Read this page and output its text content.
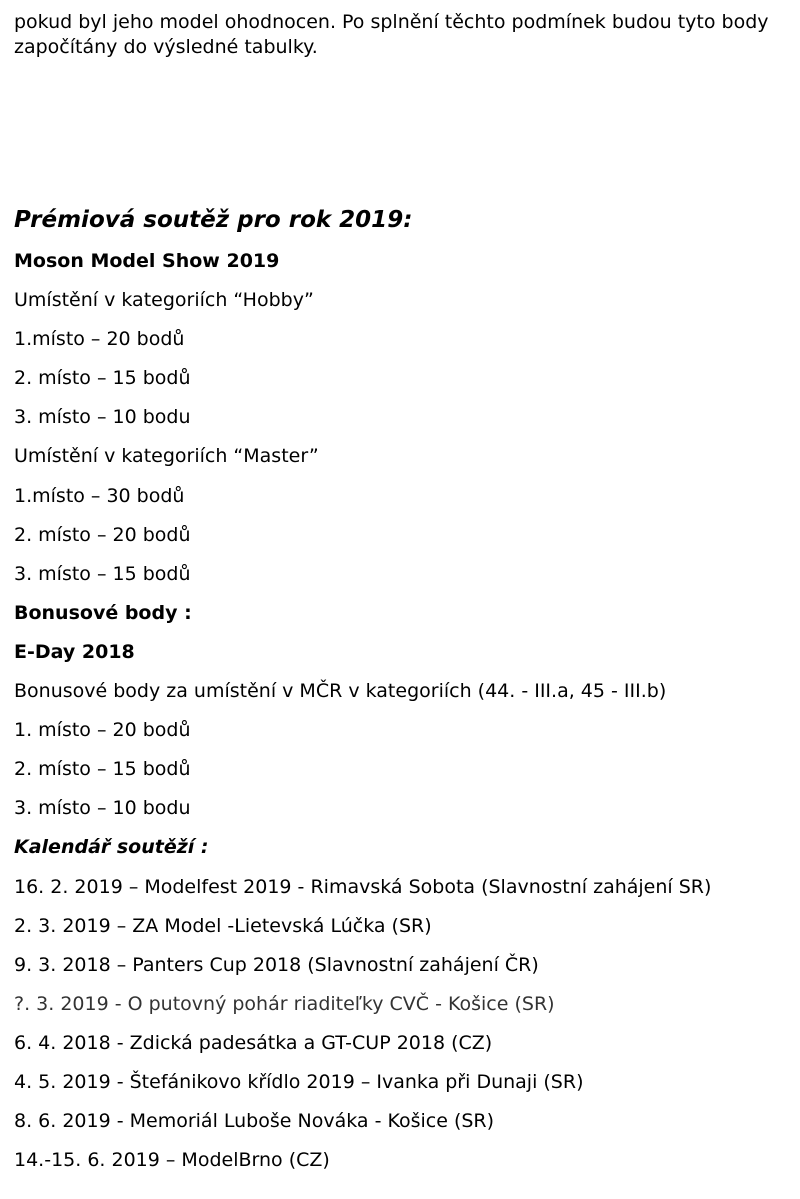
pokud byl jeho model ohodnocen. Po splnění těchto podmínek budou tyto body započítány do výsledné tabulky.

Prémiová soutěž pro rok 2019:
Moson Model Show 2019
Umístění v kategoriích “Hobby”
1.místo – 20 bodů
2. místo – 15 bodů
3. místo – 10 bodu
Umístění v kategoriích “Master”
1.místo – 30 bodů
2. místo – 20 bodů
3. místo – 15 bodů
Bonusové body :
E-Day 2018
Bonusové body za umístění v MČR v kategoriích (44. - III.a, 45 - III.b)
1. místo – 20 bodů
2. místo – 15 bodů
3. místo – 10 bodu
Kalendář soutěží :
16. 2. 2019 – Modelfest 2019 - Rimavská Sobota (Slavnostní zahájení SR)
2. 3. 2019 – ZA Model -Lietevská Lúčka (SR)
9. 3. 2018 – Panters Cup 2018 (Slavnostní zahájení ČR)
?. 3. 2019 - O putovný pohár riaditeľky CVČ - Košice (SR)
6. 4. 2018 - Zdická padesátka a GT-CUP 2018 (CZ)
4. 5. 2019 - Štefánikovo křídlo 2019 – Ivanka při Dunaji (SR)
8. 6. 2019 - Memoriál Luboše Nováka - Košice (SR)
14.-15. 6. 2019 – ModelBrno (CZ)
